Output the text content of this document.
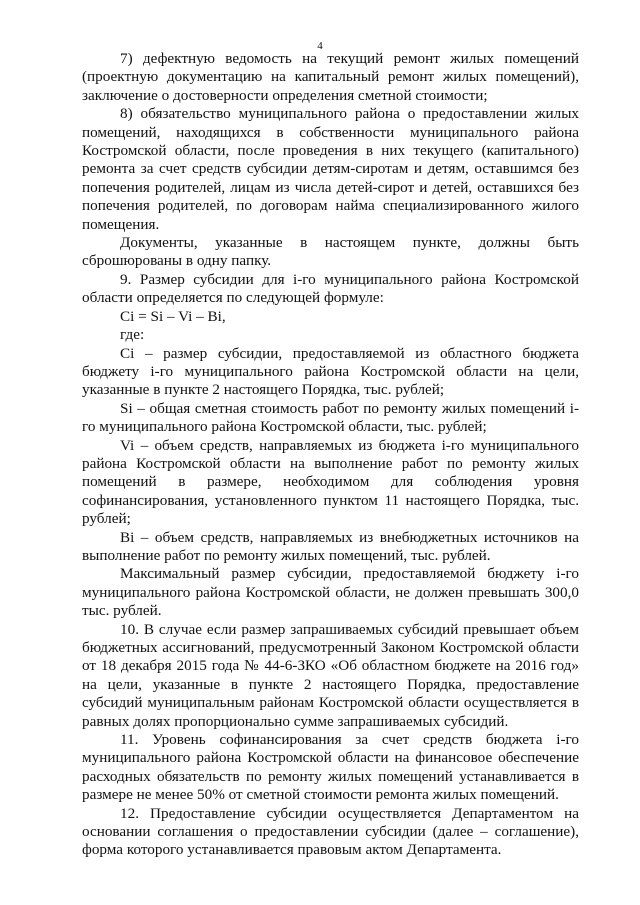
4

7) дефектную ведомость на текущий ремонт жилых помещений (проектную документацию на капитальный ремонт жилых помещений), заключение о достоверности определения сметной стоимости;

8) обязательство муниципального района о предоставлении жилых помещений, находящихся в собственности муниципального района Костромской области, после проведения в них текущего (капитального) ремонта за счет средств субсидии детям-сиротам и детям, оставшимся без попечения родителей, лицам из числа детей-сирот и детей, оставшихся без попечения родителей, по договорам найма специализированного жилого помещения.

Документы, указанные в настоящем пункте, должны быть сброшюрованы в одну папку.

9. Размер субсидии для i-го муниципального района Костромской области определяется по следующей формуле:

Ci = Si – Vi – Bi,

где:

Ci – размер субсидии, предоставляемой из областного бюджета бюджету i-го муниципального района Костромской области на цели, указанные в пункте 2 настоящего Порядка, тыс. рублей;

Si – общая сметная стоимость работ по ремонту жилых помещений i-го муниципального района Костромской области, тыс. рублей;

Vi – объем средств, направляемых из бюджета i-го муниципального района Костромской области на выполнение работ по ремонту жилых помещений в размере, необходимом для соблюдения уровня софинансирования, установленного пунктом 11 настоящего Порядка, тыс. рублей;

Bi – объем средств, направляемых из внебюджетных источников на выполнение работ по ремонту жилых помещений, тыс. рублей.

Максимальный размер субсидии, предоставляемой бюджету i-го муниципального района Костромской области, не должен превышать 300,0 тыс. рублей.

10. В случае если размер запрашиваемых субсидий превышает объем бюджетных ассигнований, предусмотренный Законом Костромской области от 18 декабря 2015 года № 44-6-ЗКО «Об областном бюджете на 2016 год» на цели, указанные в пункте 2 настоящего Порядка, предоставление субсидий муниципальным районам Костромской области осуществляется в равных долях пропорционально сумме запрашиваемых субсидий.

11. Уровень софинансирования за счет средств бюджета i-го муниципального района Костромской области на финансовое обеспечение расходных обязательств по ремонту жилых помещений устанавливается в размере не менее 50% от сметной стоимости ремонта жилых помещений.

12. Предоставление субсидии осуществляется Департаментом на основании соглашения о предоставлении субсидии (далее – соглашение), форма которого устанавливается правовым актом Департамента.
